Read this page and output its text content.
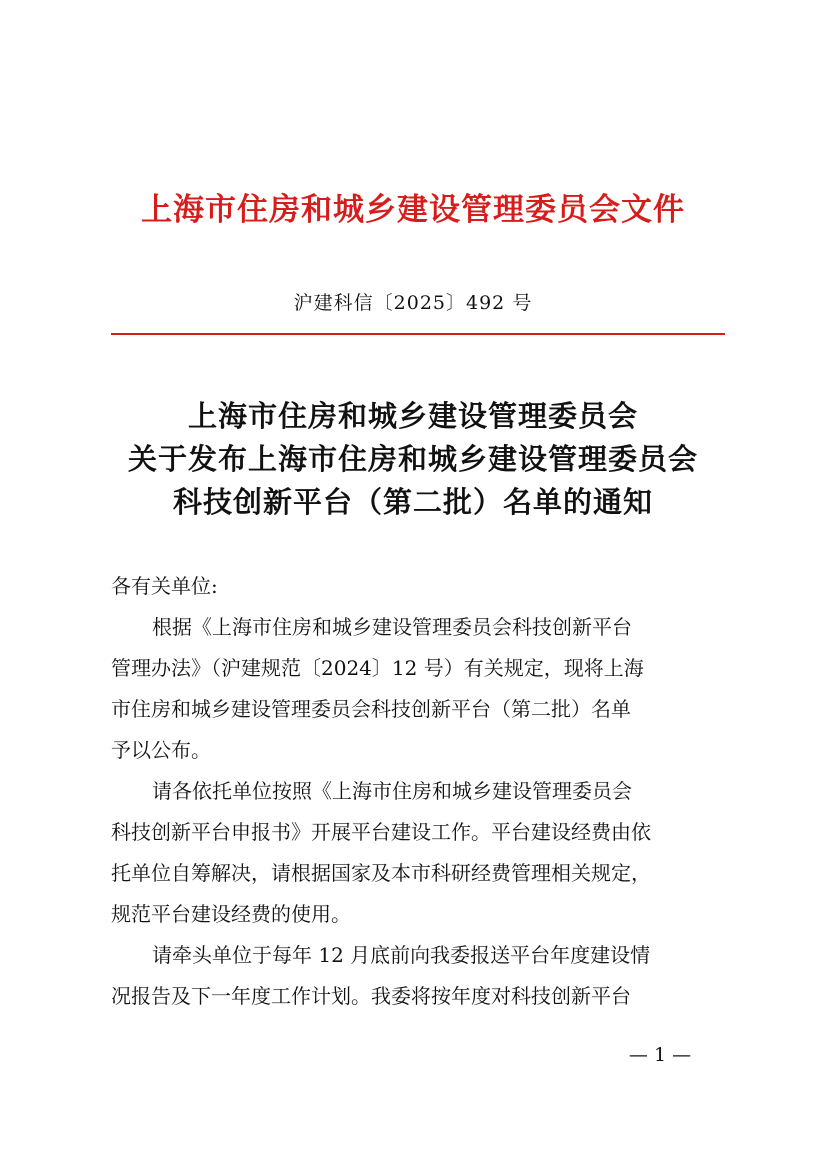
上海市住房和城乡建设管理委员会文件
沪建科信〔2025〕492 号
上海市住房和城乡建设管理委员会
关于发布上海市住房和城乡建设管理委员会
科技创新平台（第二批）名单的通知
各有关单位:
根据《上海市住房和城乡建设管理委员会科技创新平台
管理办法》（沪建规范〔2024〕12 号）有关规定，现将上海
市住房和城乡建设管理委员会科技创新平台（第二批）名单
予以公布。
请各依托单位按照《上海市住房和城乡建设管理委员会
科技创新平台申报书》开展平台建设工作。平台建设经费由依
托单位自筹解决，请根据国家及本市科研经费管理相关规定，
规范平台建设经费的使用。
请牵头单位于每年 12 月底前向我委报送平台年度建设情
况报告及下一年度工作计划。我委将按年度对科技创新平台
— 1 —
